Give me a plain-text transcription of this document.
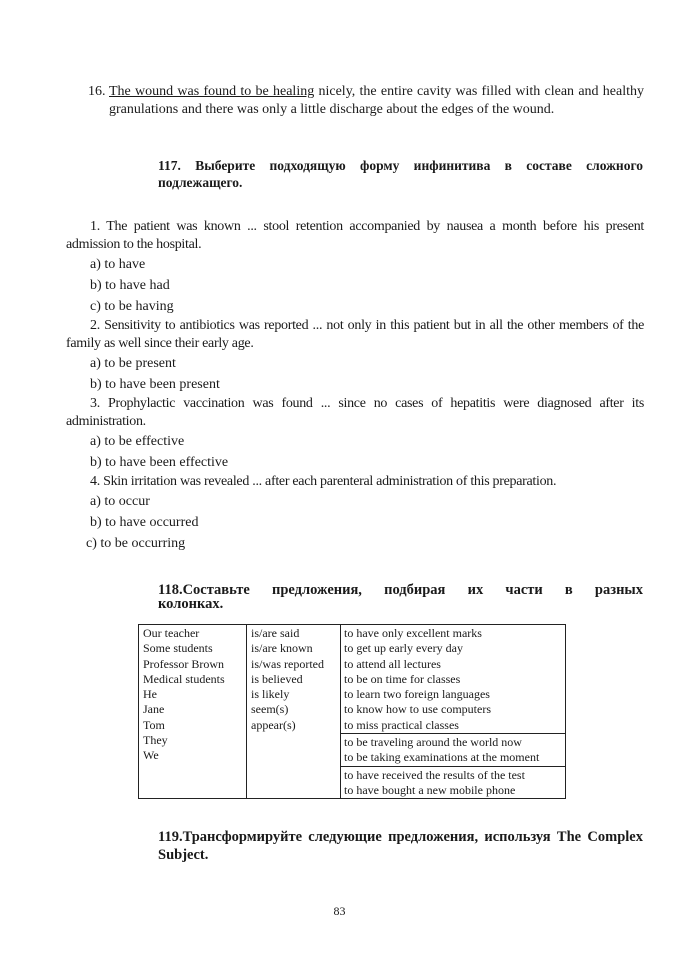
16. The wound was found to be healing nicely, the entire cavity was filled with clean and healthy granulations and there was only a little discharge about the edges of the wound.
117. Выберите подходящую форму инфинитива в составе сложного подлежащего.

1. The patient was known ... stool retention accompanied by nausea a month before his present admission to the hospital.

a) to have

b) to have had

c) to be having

2. Sensitivity to antibiotics was reported ... not only in this patient but in all the other members of the family as well since their early age.

a) to be present

b) to have been present

3. Prophylactic vaccination was found ... since no cases of hepatitis were diagnosed after its administration.

a) to be effective

b) to have been effective

4. Skin irritation was revealed ... after each parenteral administration of this preparation.

a) to occur

b) to have occurred

c) to be occurring

118.Составьте предложения, подбирая их части в разных колонках.
Our teacher
Some students
Professor Brown
Medical students
He
Jane
Tom
They
We

is/are said
is/are known
is/was reported
is believed
is likely
seem(s)
appear(s)

to have only excellent marks
to get up early every day
to attend all lectures
to be on time for classes
to learn two foreign languages
to know how to use computers
to miss practical classes
to be traveling around the world now
to be taking examinations at the moment
to have received the results of the test
to have bought a new mobile phone
119.Трансформируйте следующие предложения, используя The Complex Subject.
83
